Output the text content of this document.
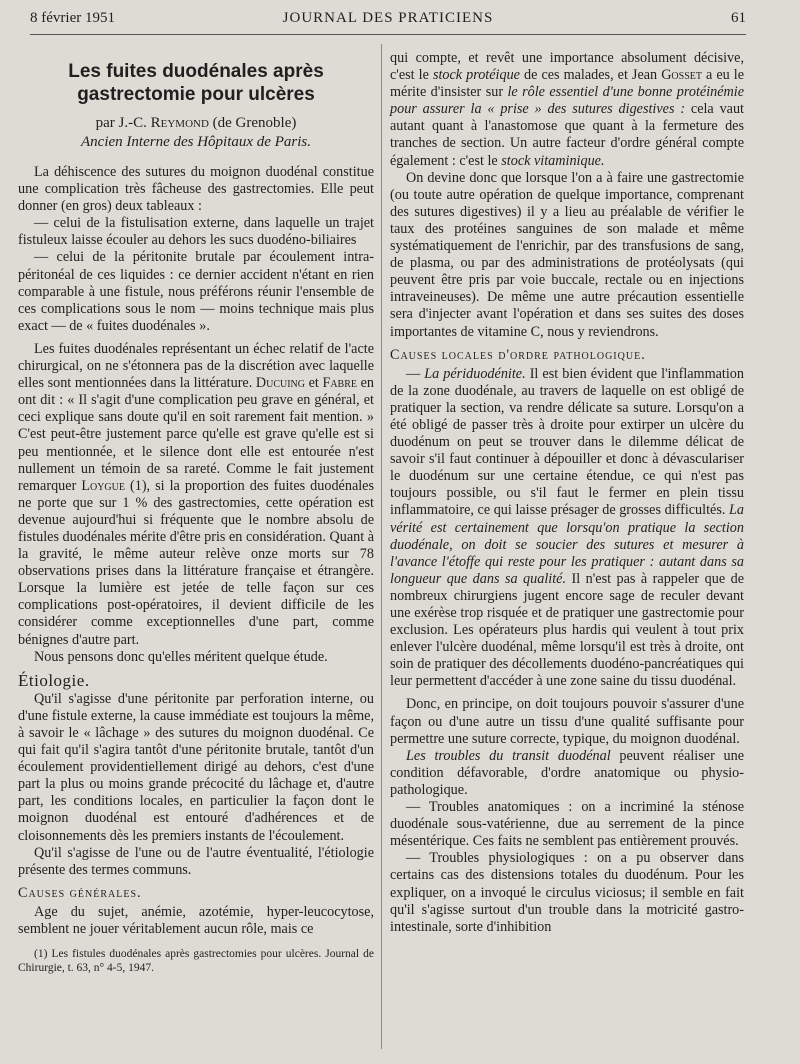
8 février 1951	JOURNAL DES PRATICIENS	61
Les fuites duodénales après gastrectomie pour ulcères
par J.-C. Reymond (de Grenoble)
Ancien Interne des Hôpitaux de Paris.

La déhiscence des sutures du moignon duodénal constitue une complication très fâcheuse des gastrectomies. Elle peut donner (en gros) deux tableaux :

— celui de la fistulisation externe, dans laquelle un trajet fistuleux laisse écouler au dehors les sucs duodéno-biliaires

— celui de la péritonite brutale par écoulement intra-péritonéal de ces liquides : ce dernier accident n'étant en rien comparable à une fistule, nous préférons réunir l'ensemble de ces complications sous le nom — moins technique mais plus exact — de « fuites duodénales ».

Les fuites duodénales représentant un échec relatif de l'acte chirurgical, on ne s'étonnera pas de la discrétion avec laquelle elles sont mentionnées dans la littérature. Ducuing et Fabre en ont dit : « Il s'agit d'une complication peu grave en général, et ceci explique sans doute qu'il en soit rarement fait mention. » C'est peut-être justement parce qu'elle est grave qu'elle est si peu mentionnée, et le silence dont elle est entourée n'est nullement un témoin de sa rareté. Comme le fait justement remarquer Loygue (1), si la proportion des fuites duodénales ne porte que sur 1 % des gastrectomies, cette opération est devenue aujourd'hui si fréquente que le nombre absolu de fistules duodénales mérite d'être pris en considération. Quant à la gravité, le même auteur relève onze morts sur 78 observations prises dans la littérature française et étrangère. Lorsque la lumière est jetée de telle façon sur ces complications post-opératoires, il devient difficile de les considérer comme exceptionnelles d'une part, comme bénignes d'autre part.

Nous pensons donc qu'elles méritent quelque étude.

Étiologie.

Qu'il s'agisse d'une péritonite par perforation interne, ou d'une fistule externe, la cause immédiate est toujours la même, à savoir le « lâchage » des sutures du moignon duodénal. Ce qui fait qu'il s'agira tantôt d'une péritonite brutale, tantôt d'un écoulement providentiellement dirigé au dehors, c'est d'une part la plus ou moins grande précocité du lâchage et, d'autre part, les conditions locales, en particulier la façon dont le moignon duodénal est entouré d'adhérences et de cloisonnements dès les premiers instants de l'écoulement.

Qu'il s'agisse de l'une ou de l'autre éventualité, l'étiologie présente des termes communs.

Causes générales.

Age du sujet, anémie, azotémie, hyper-leucocytose, semblent ne jouer véritablement aucun rôle, mais ce

(1) Les fistules duodénales après gastrectomies pour ulcères. Journal de Chirurgie, t. 63, n° 4-5, 1947.

qui compte, et revêt une importance absolument décisive, c'est le stock protéique de ces malades, et Jean Gosset a eu le mérite d'insister sur le rôle essentiel d'une bonne protéinémie pour assurer la « prise » des sutures digestives : cela vaut autant quant à l'anastomose que quant à la fermeture des tranches de section. Un autre facteur d'ordre général compte également : c'est le stock vitaminique.

On devine donc que lorsque l'on a à faire une gastrectomie (ou toute autre opération de quelque importance, comprenant des sutures digestives) il y a lieu au préalable de vérifier le taux des protéines sanguines de son malade et même systématiquement de l'enrichir, par des transfusions de sang, de plasma, ou par des administrations de protéolysats (qui peuvent être pris par voie buccale, rectale ou en injections intraveineuses). De même une autre précaution essentielle sera d'injecter avant l'opération et dans ses suites des doses importantes de vitamine C, nous y reviendrons.

Causes locales d'ordre pathologique.

— La périduodénite. Il est bien évident que l'inflammation de la zone duodénale, au travers de laquelle on est obligé de pratiquer la section, va rendre délicate sa suture. Lorsqu'on a été obligé de passer très à droite pour extirper un ulcère du duodénum on peut se trouver dans le dilemme délicat de savoir s'il faut continuer à dépouiller et donc à dévasculariser le duodénum sur une certaine étendue, ce qui n'est pas toujours possible, ou s'il faut le fermer en plein tissu inflammatoire, ce qui laisse présager de grosses difficultés. La vérité est certainement que lorsqu'on pratique la section duodénale, on doit se soucier des sutures et mesurer à l'avance l'étoffe qui reste pour les pratiquer : autant dans sa longueur que dans sa qualité. Il n'est pas à rappeler que de nombreux chirurgiens jugent encore sage de reculer devant une exérèse trop risquée et de pratiquer une gastrectomie pour exclusion. Les opérateurs plus hardis qui veulent à tout prix enlever l'ulcère duodénal, même lorsqu'il est très à droite, ont soin de pratiquer des décollements duodéno-pancréatiques qui leur permettent d'accéder à une zone saine du tissu duodénal.

Donc, en principe, on doit toujours pouvoir s'assurer d'une façon ou d'une autre un tissu d'une qualité suffisante pour permettre une suture correcte, typique, du moignon duodénal.

Les troubles du transit duodénal peuvent réaliser une condition défavorable, d'ordre anatomique ou physio-pathologique.

— Troubles anatomiques : on a incriminé la sténose duodénale sous-vatérienne, due au serrement de la pince mésentérique. Ces faits ne semblent pas entièrement prouvés.

— Troubles physiologiques : on a pu observer dans certains cas des distensions totales du duodénum. Pour les expliquer, on a invoqué le circulus viciosus; il semble en fait qu'il s'agisse surtout d'un trouble dans la motricité gastro-intestinale, sorte d'inhibition
